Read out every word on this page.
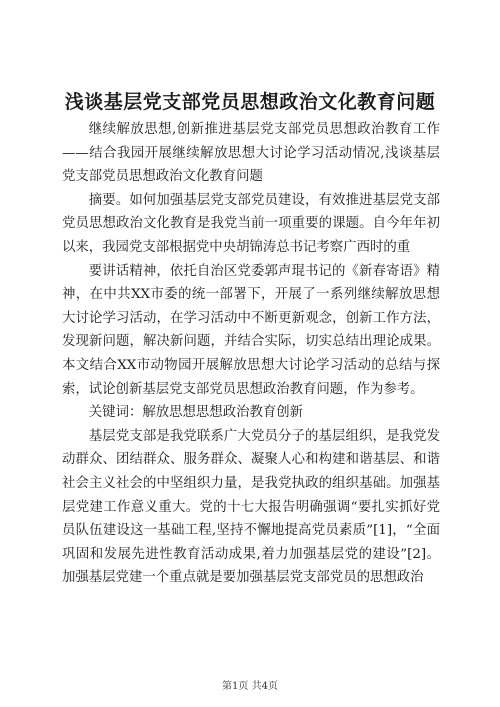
浅谈基层党支部党员思想政治文化教育问题

继续解放思想,创新推进基层党支部党员思想政治教育工作——结合我园开展继续解放思想大讨论学习活动情况,浅谈基层党支部党员思想政治文化教育问题

摘要。如何加强基层党支部党员建设，有效推进基层党支部党员思想政治文化教育是我党当前一项重要的课题。自今年年初以来，我园党支部根据党中央胡锦涛总书记考察广西时的重

要讲话精神，依托自治区党委郭声琨书记的《新春寄语》精神，在中共XX市委的统一部署下，开展了一系列继续解放思想大讨论学习活动，在学习活动中不断更新观念，创新工作方法，发现新问题，解决新问题，并结合实际，切实总结出理论成果。本文结合XX市动物园开展解放思想大讨论学习活动的总结与探索，试论创新基层党支部党员思想政治教育问题，作为参考。

关键词：解放思想思想政治教育创新

基层党支部是我党联系广大党员分子的基层组织，是我党发动群众、团结群众、服务群众、凝聚人心和构建和谐基层、和谐社会主义社会的中坚组织力量，是我党执政的组织基础。加强基层党建工作意义重大。党的十七大报告明确强调“要扎实抓好党员队伍建设这一基础工程,坚持不懈地提高党员素质”[1]，“全面巩固和发展先进性教育活动成果,着力加强基层党的建设”[2]。加强基层党建一个重点就是要加强基层党支部党员的思想政治

第1页 共4页
